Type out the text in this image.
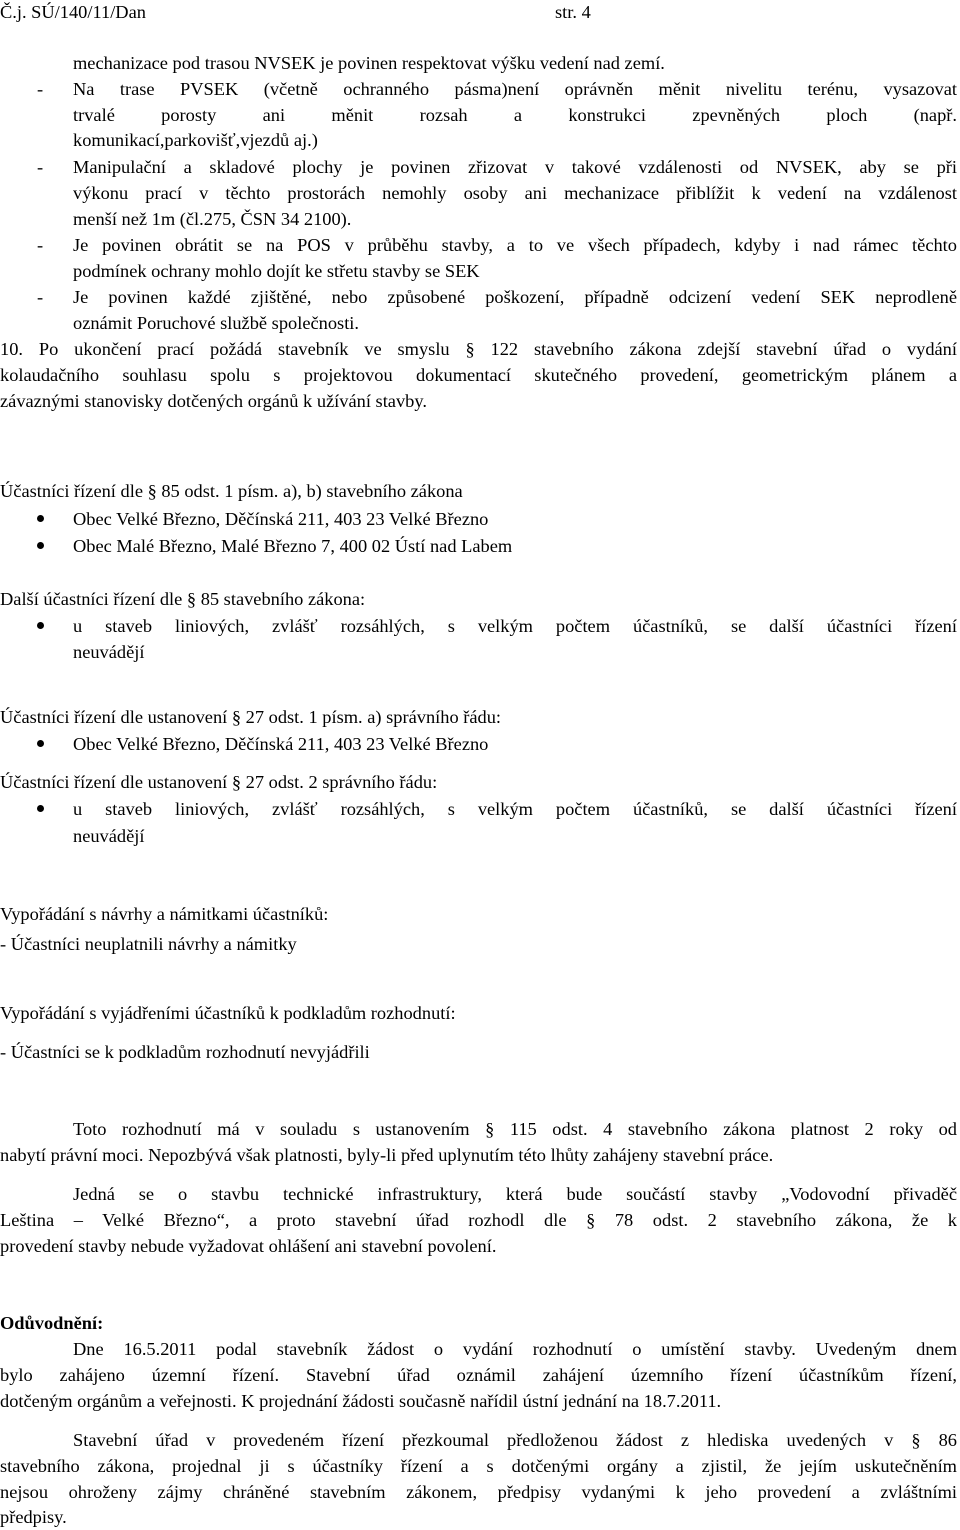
Č.j. SÚ/140/11/Dan	str. 4
mechanizace pod trasou NVSEK je povinen respektovat výšku vedení nad zemí.
- Na trase PVSEK (včetně ochranného pásma)není oprávněn měnit nivelitu terénu, vysazovat
trvalé porosty ani měnit rozsah a konstrukci zpevněných ploch (např.
komunikací,parkovišť,vjezdů aj.)
- Manipulační a skladové plochy je povinen zřizovat v takové vzdálenosti od NVSEK, aby se při
výkonu prací v těchto prostorách nemohly osoby ani mechanizace přiblížit k vedení na vzdálenost
menší než 1m (čl.275, ČSN 34 2100).
- Je povinen obrátit se na POS v průběhu stavby, a to ve všech případech, kdyby i nad rámec těchto
podmínek ochrany mohlo dojít ke střetu stavby se SEK
- Je povinen každé zjištěné, nebo způsobené poškození, případně odcizení vedení SEK neprodleně
oznámit Poruchové službě společnosti.
10. Po ukončení prací požádá stavebník ve smyslu § 122 stavebního zákona zdejší stavební úřad o vydání
kolaudačního souhlasu spolu s projektovou dokumentací skutečného provedení, geometrickým plánem a
závaznými stanovisky dotčených orgánů k užívání stavby.
Účastníci řízení dle § 85 odst. 1 písm. a), b) stavebního zákona
Obec Velké Březno, Děčínská 211, 403 23 Velké Březno
Obec Malé Březno, Malé Březno 7, 400 02 Ústí nad Labem
Další účastníci řízení dle § 85 stavebního zákona:
u staveb liniových, zvlášť rozsáhlých, s velkým počtem účastníků, se další účastníci řízení
neuvádějí
Účastníci řízení dle ustanovení § 27 odst. 1 písm. a) správního řádu:
Obec Velké Březno, Děčínská 211, 403 23 Velké Březno
Účastníci řízení dle ustanovení § 27 odst. 2 správního řádu:
u staveb liniových, zvlášť rozsáhlých, s velkým počtem účastníků, se další účastníci řízení
neuvádějí
Vypořádání s návrhy a námitkami účastníků:
- Účastníci neuplatnili návrhy a námitky
Vypořádání s vyjádřeními účastníků k podkladům rozhodnutí:
- Účastníci se k podkladům rozhodnutí nevyjádřili
Toto rozhodnutí má v souladu s ustanovením § 115 odst. 4 stavebního zákona platnost 2 roky od
nabytí právní moci. Nepozbývá však platnosti, byly-li před uplynutím této lhůty zahájeny stavební práce.
Jedná se o stavbu technické infrastruktury, která bude součástí stavby „Vodovodní přivaděč
Leština – Velké Březno“, a proto stavební úřad rozhodl dle § 78 odst. 2 stavebního zákona, že k
provedení stavby nebude vyžadovat ohlášení ani stavební povolení.
Odůvodnění:
Dne 16.5.2011 podal stavebník žádost o vydání rozhodnutí o umístění stavby. Uvedeným dnem
bylo zahájeno územní řízení. Stavební úřad oznámil zahájení územního řízení účastníkům řízení,
dotčeným orgánům a veřejnosti. K projednání žádosti současně nařídil ústní jednání na 18.7.2011.
Stavební úřad v provedeném řízení přezkoumal předloženou žádost z hlediska uvedených v § 86
stavebního zákona, projednal ji s účastníky řízení a s dotčenými orgány a zjistil, že jejím uskutečněním
nejsou ohroženy zájmy chráněné stavebním zákonem, předpisy vydanými k jeho provedení a zvláštními
předpisy.
